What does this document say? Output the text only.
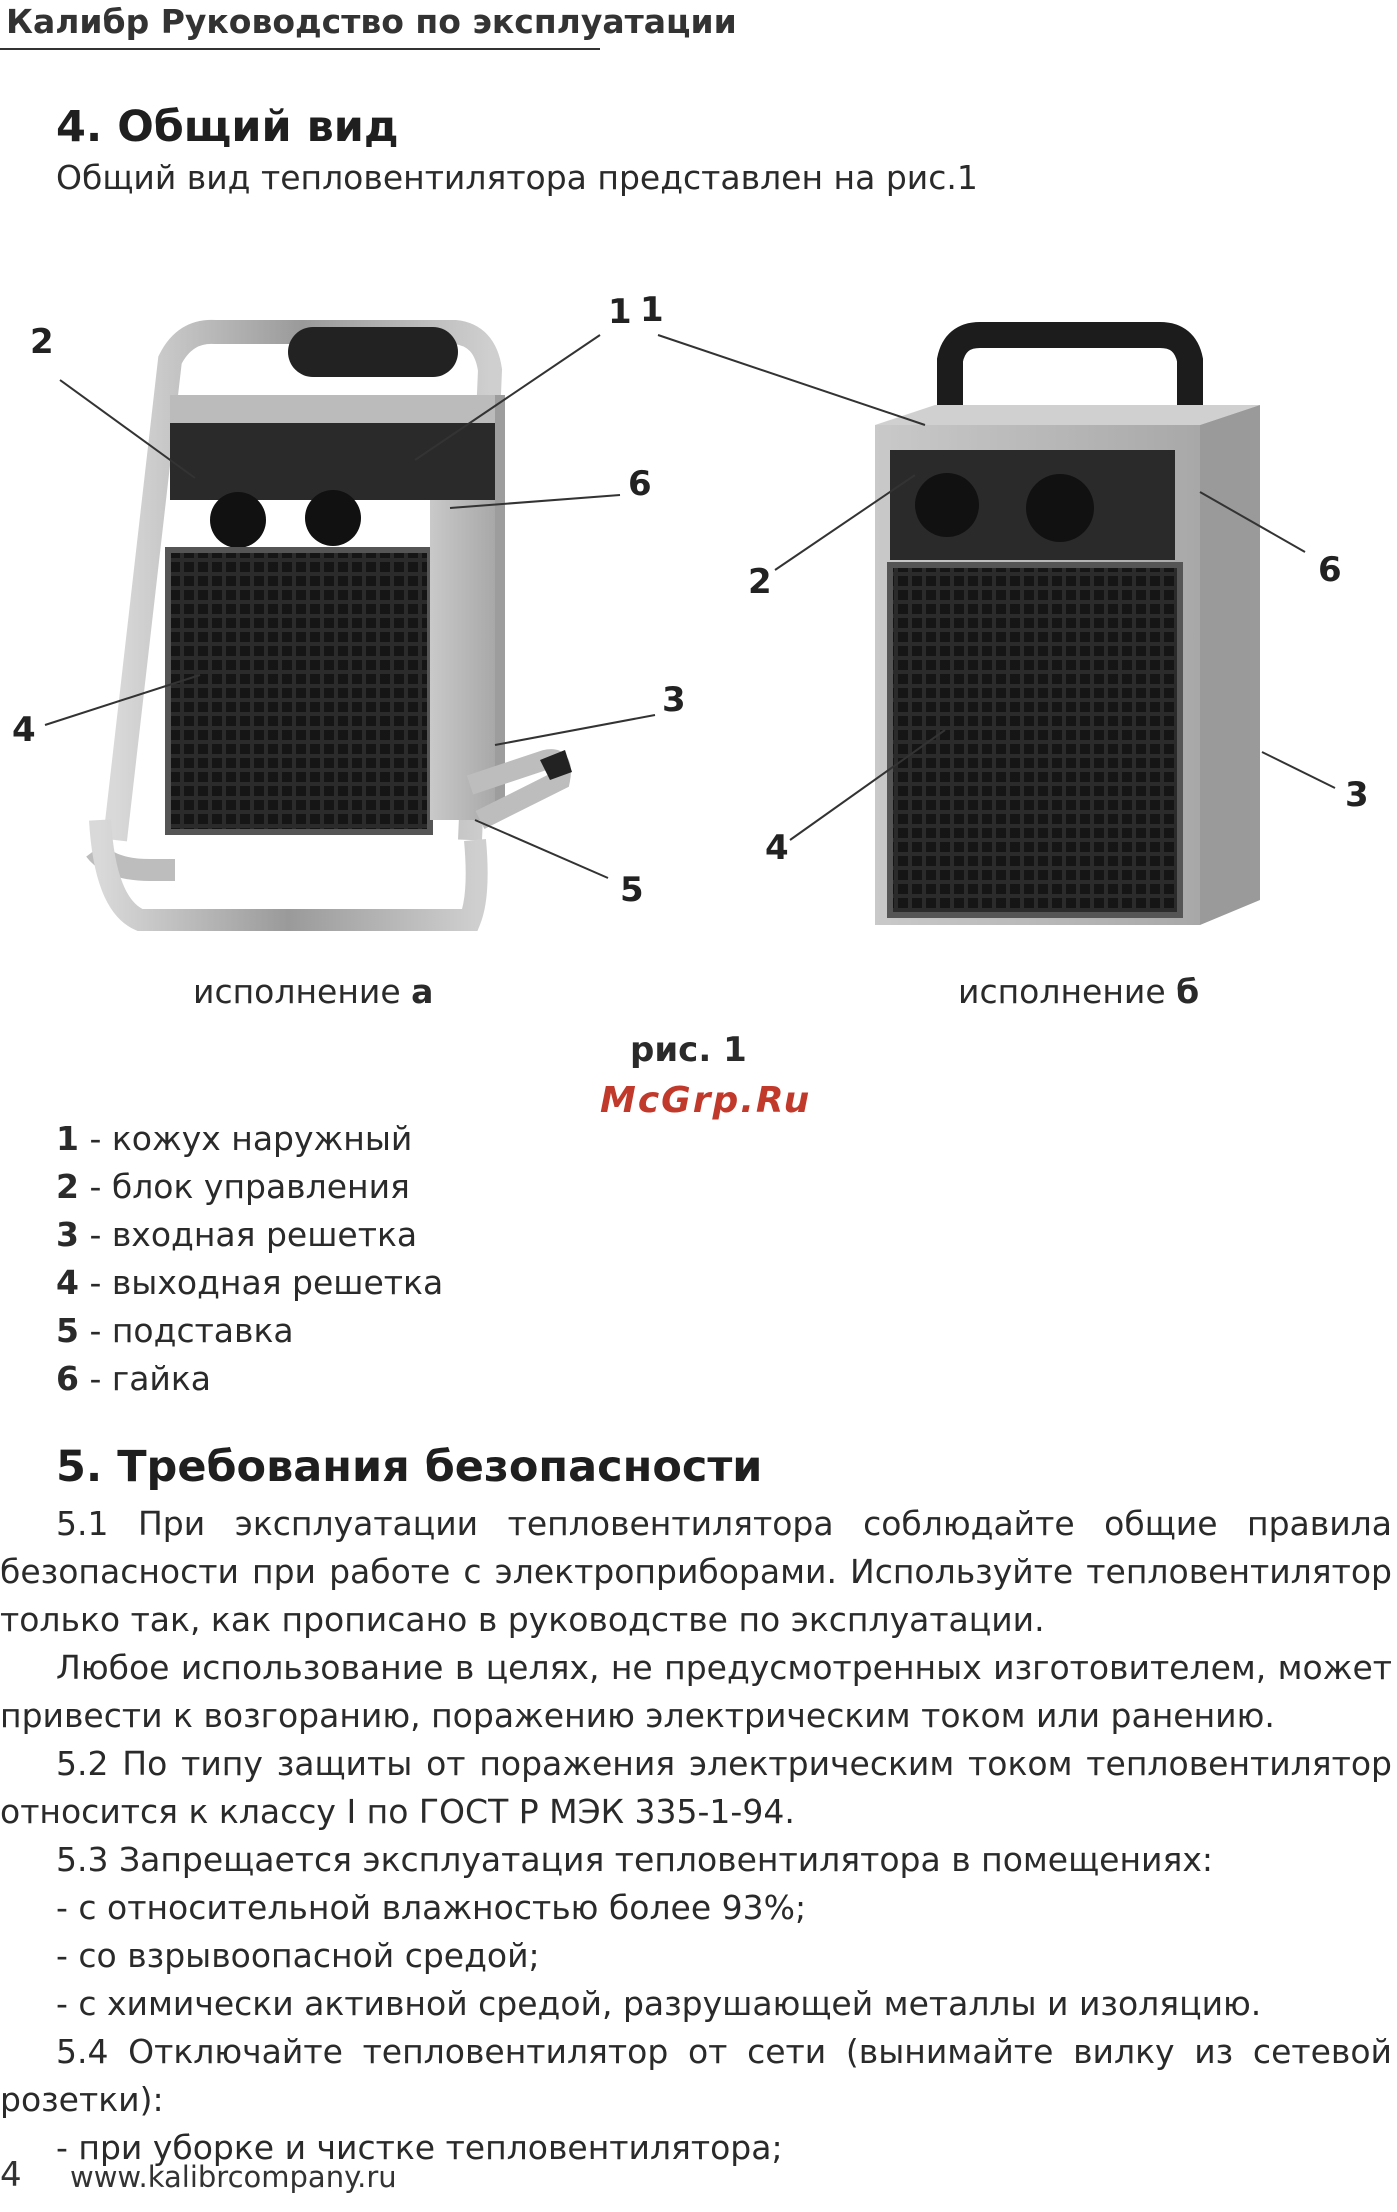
Калибр Руководство по эксплуатации
4. Общий вид
Общий вид тепловентилятора представлен на рис.1
2
1
6
4
3
5
1
2	6
3
4
исполнение а	исполнение б
рис. 1
McGrp.Ru
1 - кожух наружный
2 - блок управления
3 - входная решетка
4 - выходная решетка
5 - подставка
6 - гайка
5. Требования безопасности

5.1 При эксплуатации тепловентилятора соблюдайте общие правила безопасности при работе с электроприборами. Используйте тепловентилятор только так, как прописано в руководстве по эксплуатации.

Любое использование в целях, не предусмотренных изготовителем, может привести к возгоранию, поражению электрическим током или ранению.

5.2 По типу защиты от поражения электрическим током тепловентилятор относится к классу I по ГОСТ Р МЭК 335-1-94.

5.3 Запрещается эксплуатация тепловентилятора в помещениях:

- с относительной влажностью более 93%;

- со взрывоопасной средой;

- с химически активной средой, разрушающей металлы и изоляцию.

5.4 Отключайте тепловентилятор от сети (вынимайте вилку из сетевой розетки):

- при уборке и чистке тепловентилятора;

4 www.kalibrcompany.ru
